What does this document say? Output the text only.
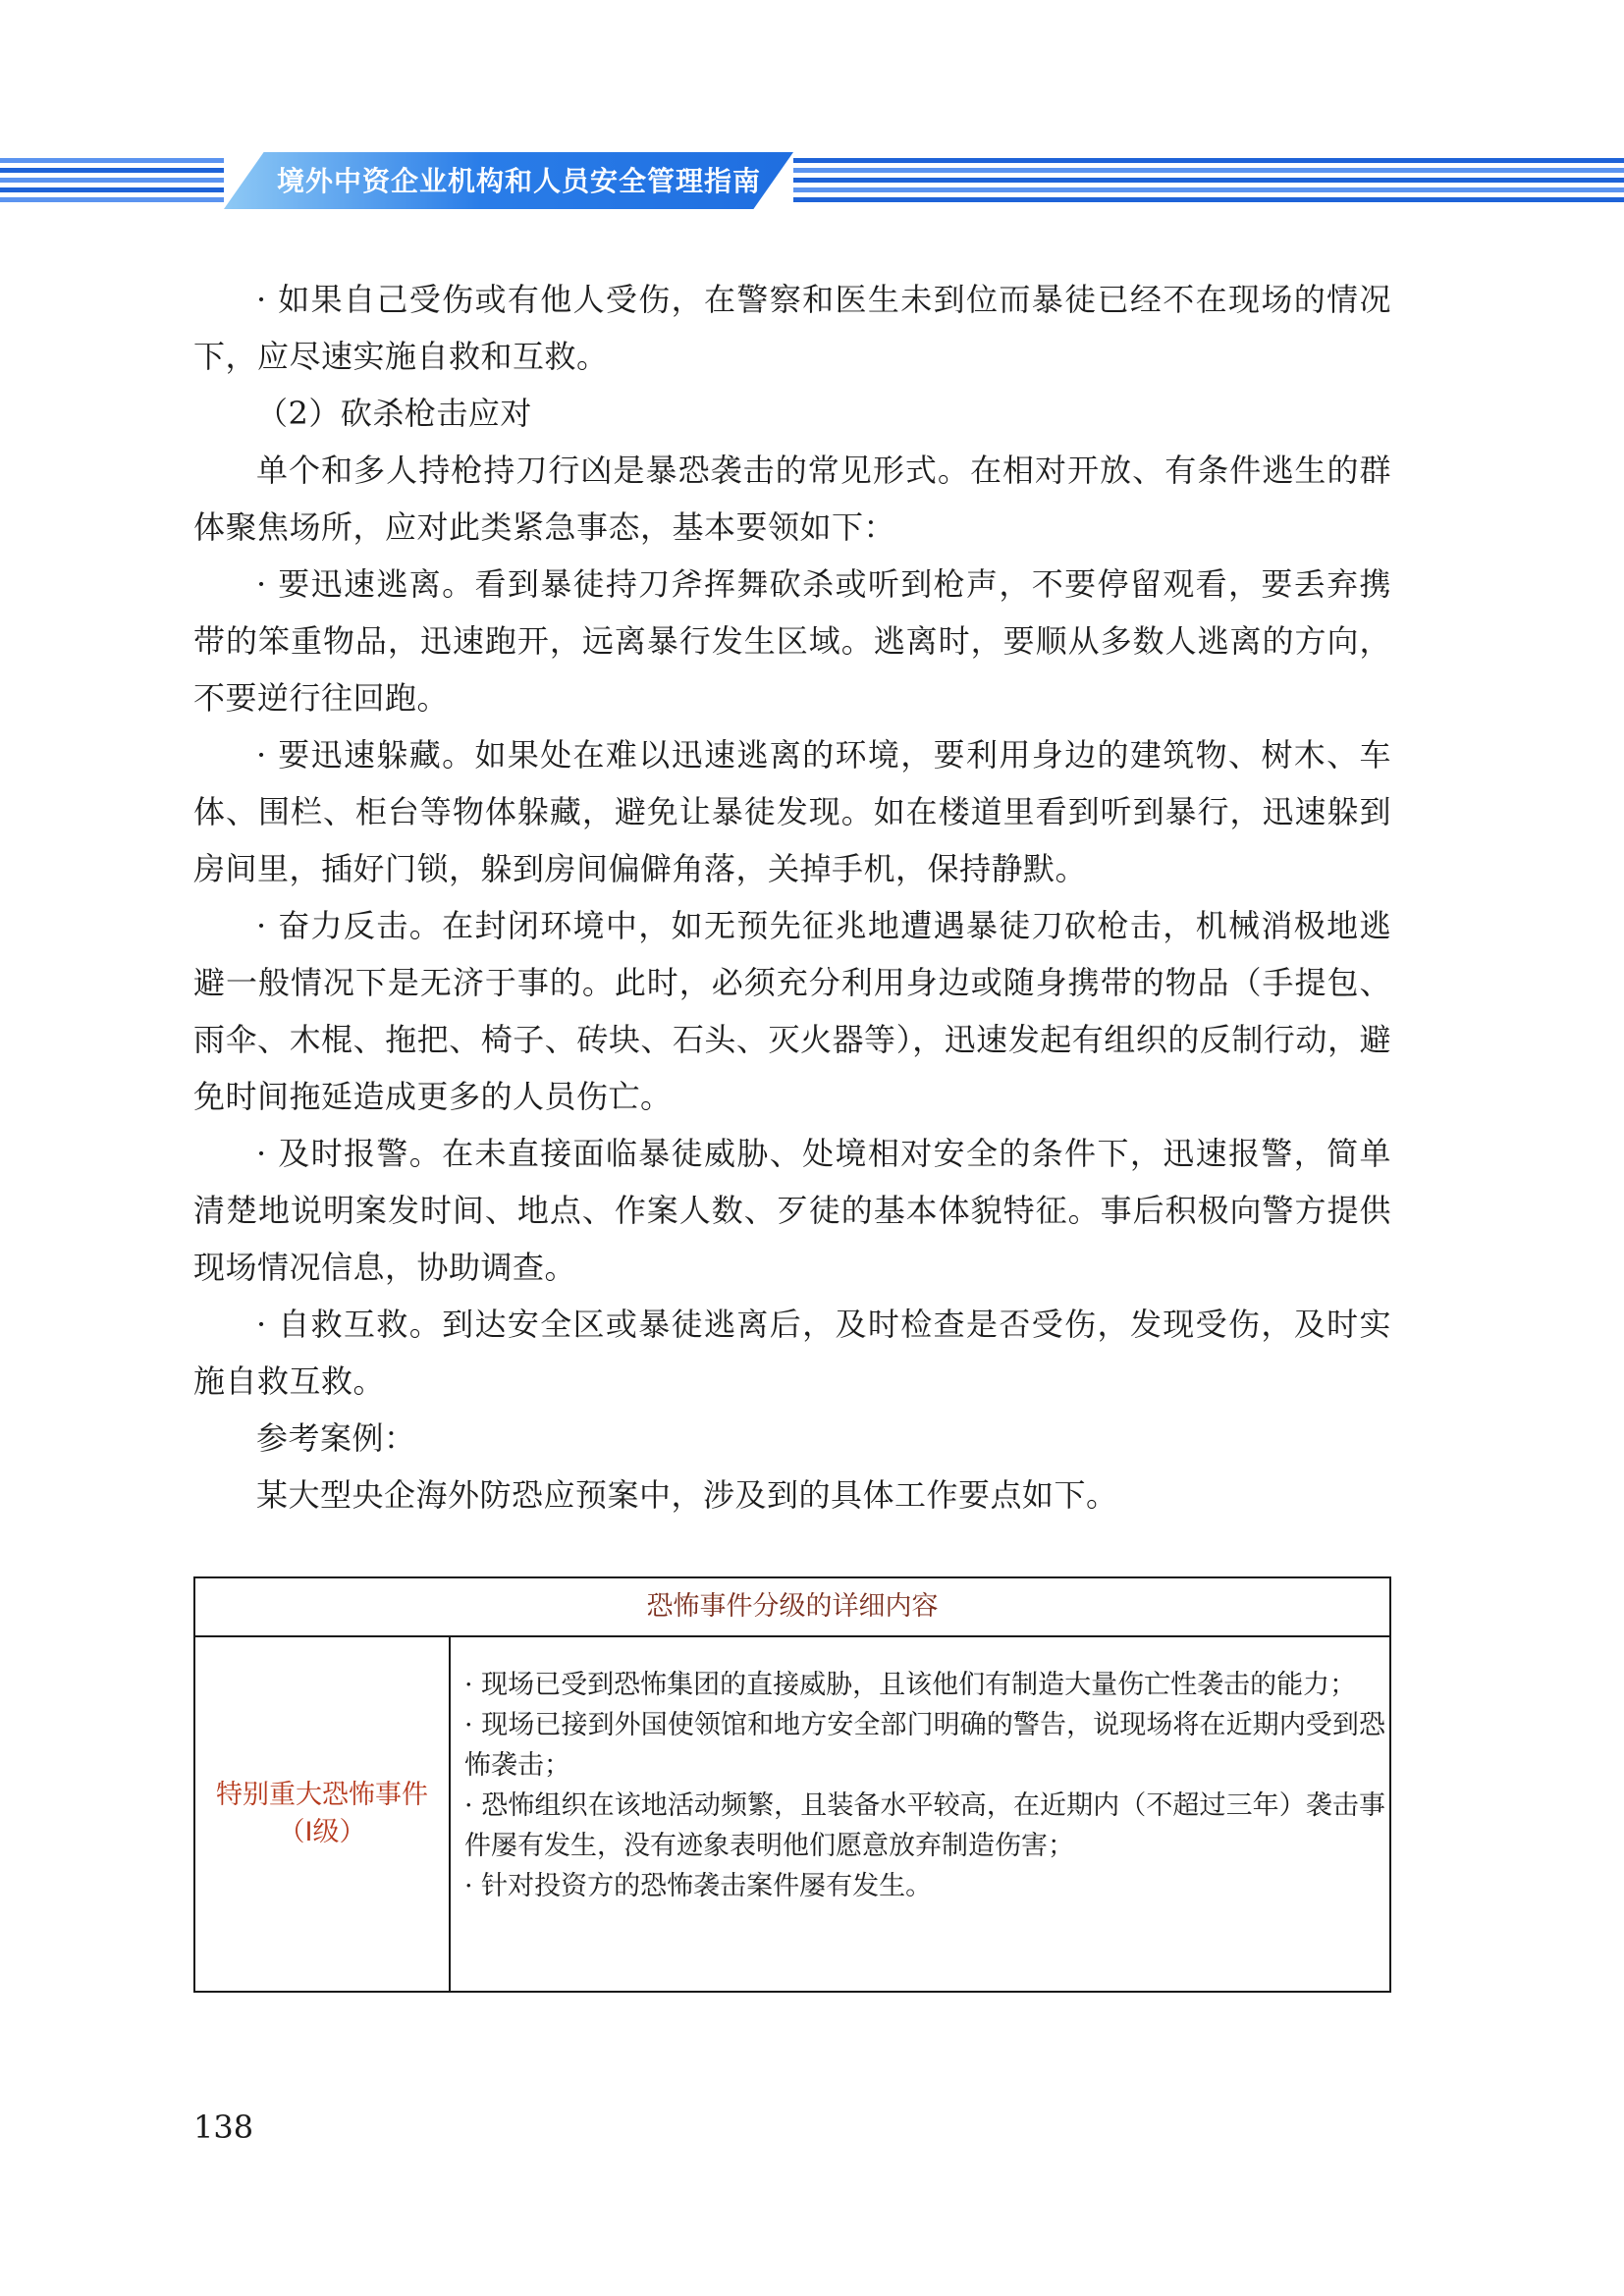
境外中资企业机构和人员安全管理指南

· 如果自己受伤或有他人受伤，在警察和医生未到位而暴徒已经不在现场的情况下，应尽速实施自救和互救。

（2）砍杀枪击应对

单个和多人持枪持刀行凶是暴恐袭击的常见形式。在相对开放、有条件逃生的群体聚焦场所，应对此类紧急事态，基本要领如下：

· 要迅速逃离。看到暴徒持刀斧挥舞砍杀或听到枪声，不要停留观看，要丢弃携带的笨重物品，迅速跑开，远离暴行发生区域。逃离时，要顺从多数人逃离的方向，不要逆行往回跑。

· 要迅速躲藏。如果处在难以迅速逃离的环境，要利用身边的建筑物、树木、车体、围栏、柜台等物体躲藏，避免让暴徒发现。如在楼道里看到听到暴行，迅速躲到房间里，插好门锁，躲到房间偏僻角落，关掉手机，保持静默。

· 奋力反击。在封闭环境中，如无预先征兆地遭遇暴徒刀砍枪击，机械消极地逃避一般情况下是无济于事的。此时，必须充分利用身边或随身携带的物品（手提包、雨伞、木棍、拖把、椅子、砖块、石头、灭火器等），迅速发起有组织的反制行动，避免时间拖延造成更多的人员伤亡。

· 及时报警。在未直接面临暴徒威胁、处境相对安全的条件下，迅速报警，简单清楚地说明案发时间、地点、作案人数、歹徒的基本体貌特征。事后积极向警方提供现场情况信息，协助调查。

· 自救互救。到达安全区或暴徒逃离后，及时检查是否受伤，发现受伤，及时实施自救互救。

参考案例：

某大型央企海外防恐应预案中，涉及到的具体工作要点如下。

恐怖事件分级的详细内容
特别重大恐怖事件
（Ⅰ级）

· 现场已受到恐怖集团的直接威胁，且该他们有制造大量伤亡性袭击的能力；

· 现场已接到外国使领馆和地方安全部门明确的警告，说现场将在近期内受到恐怖袭击；

· 恐怖组织在该地活动频繁，且装备水平较高，在近期内（不超过三年）袭击事件屡有发生，没有迹象表明他们愿意放弃制造伤害；

· 针对投资方的恐怖袭击案件屡有发生。

138
